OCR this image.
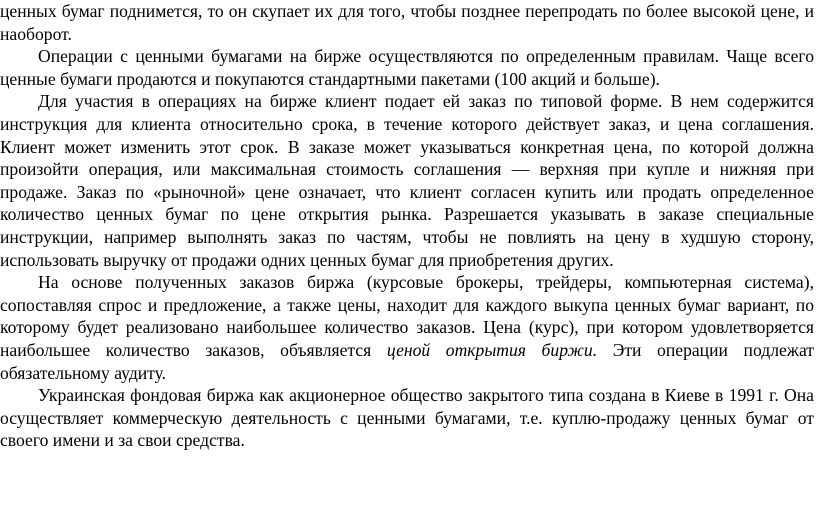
ценных бумаг поднимется, то он скупает их для того, чтобы позднее перепродать по более высокой цене, и наоборот.

Операции с ценными бумагами на бирже осуществляются по определенным правилам. Чаще всего ценные бумаги продаются и покупаются стандартными пакетами (100 акций и больше).

Для участия в операциях на бирже клиент подает ей заказ по типовой форме. В нем содержится инструкция для клиента относительно срока, в течение которого действует заказ, и цена соглашения. Клиент может изменить этот срок. В заказе может указываться конкретная цена, по которой должна произойти операция, или максимальная стоимость соглашения — верхняя при купле и нижняя при продаже. Заказ по «рыночной» цене означает, что клиент согласен купить или продать определенное количество ценных бумаг по цене открытия рынка. Разрешается указывать в заказе специальные инструкции, например выполнять заказ по частям, чтобы не повлиять на цену в худшую сторону, использовать выручку от продажи одних ценных бумаг для приобретения других.

На основе полученных заказов биржа (курсовые брокеры, трейдеры, компьютерная система), сопоставляя спрос и предложение, а также цены, находит для каждого выкупа ценных бумаг вариант, по которому будет реализовано наибольшее количество заказов. Цена (курс), при котором удовлетворяется наибольшее количество заказов, объявляется ценой открытия биржи. Эти операции подлежат обязательному аудиту.

Украинская фондовая биржа как акционерное общество закрытого типа создана в Киеве в 1991 г. Она осуществляет коммерческую деятельность с ценными бумагами, т.е. куплю-продажу ценных бумаг от своего имени и за свои средства.
